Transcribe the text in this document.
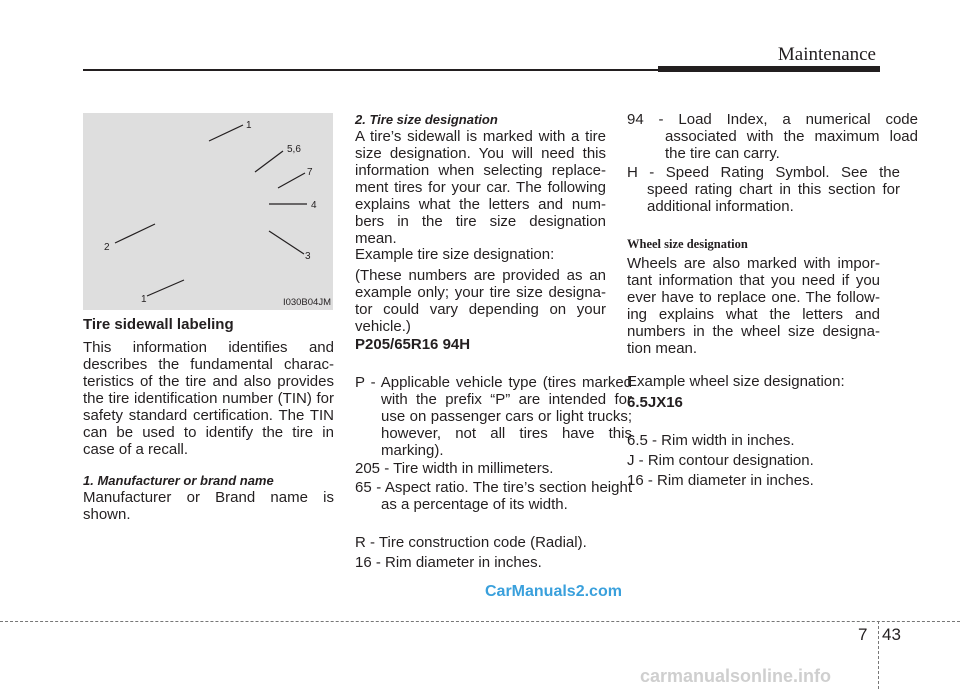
Maintenance
1
5,6
7
4
2
3
1	I030B04JM

Tire sidewall labeling

This information identifies and describes the fundamental charac-teristics of the tire and also provides the tire identification number (TIN) for safety standard certification. The TIN can be used to identify the tire in case of a recall.

1. Manufacturer or brand name

Manufacturer or Brand name is shown.

2. Tire size designation

A tire’s sidewall is marked with a tire size designation. You will need this information when selecting replace-ment tires for your car. The following explains what the letters and num-bers in the tire size designation mean.

Example tire size designation:

(These numbers are provided as an example only; your tire size designa-tor could vary depending on your vehicle.)

P205/65R16 94H

P - Applicable vehicle type (tires marked with the prefix “P” are intended for use on passenger cars or light trucks; however, not all tires have this marking).

205 - Tire width in millimeters.

65 - Aspect ratio. The tire’s section height as a percentage of its width.

R - Tire construction code (Radial).

16 - Rim diameter in inches.

94 - Load Index, a numerical code associated with the maximum load the tire can carry.

H - Speed Rating Symbol. See the speed rating chart in this section for additional information.

Wheel size designation

Wheels are also marked with impor-tant information that you need if you ever have to replace one. The follow-ing explains what the letters and numbers in the wheel size designa-tion mean.

Example wheel size designation:

6.5JX16

6.5 - Rim width in inches.

J - Rim contour designation.

16 - Rim diameter in inches.

CarManuals2.com
7 43
carmanualsonline.info
